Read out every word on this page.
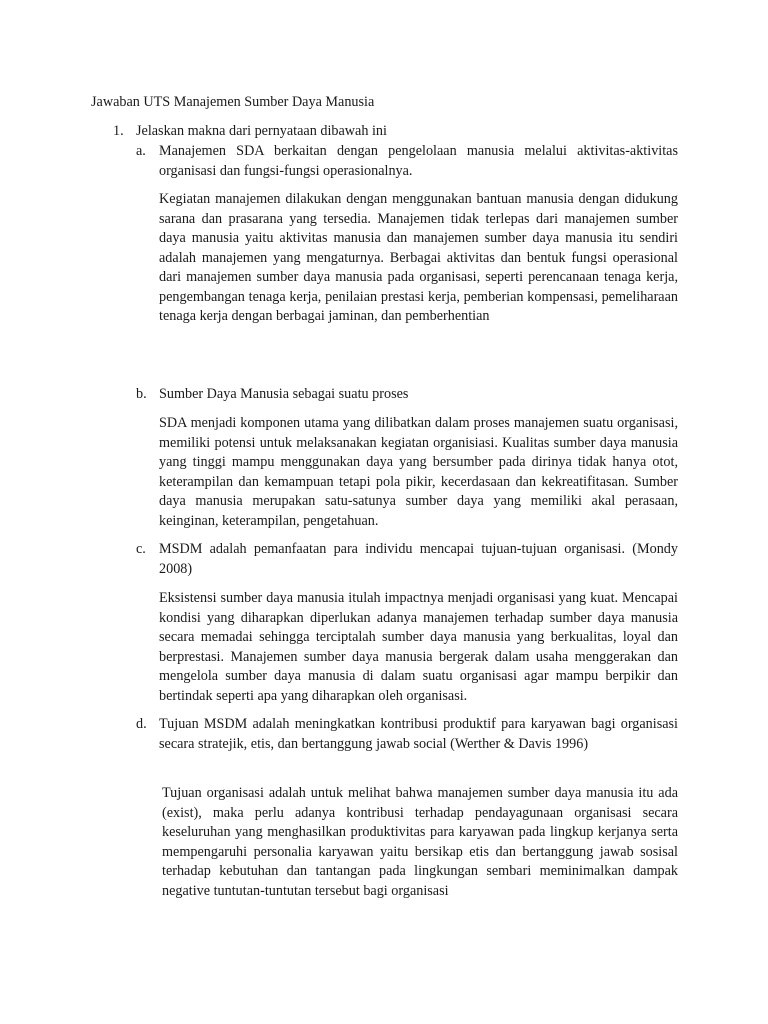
Jawaban UTS Manajemen Sumber Daya Manusia
1. Jelaskan makna dari pernyataan dibawah ini
a. Manajemen SDA berkaitan dengan pengelolaan manusia melalui aktivitas-aktivitas organisasi dan fungsi-fungsi operasionalnya.
Kegiatan manajemen dilakukan dengan menggunakan bantuan manusia dengan didukung sarana dan prasarana yang tersedia. Manajemen tidak terlepas dari manajemen sumber daya manusia yaitu aktivitas manusia dan manajemen sumber daya manusia itu sendiri adalah manajemen yang mengaturnya. Berbagai aktivitas dan bentuk fungsi operasional dari manajemen sumber daya manusia pada organisasi, seperti perencanaan tenaga kerja, pengembangan tenaga kerja, penilaian prestasi kerja, pemberian kompensasi, pemeliharaan tenaga kerja dengan berbagai jaminan, dan pemberhentian
b. Sumber Daya Manusia sebagai suatu proses
SDA menjadi komponen utama yang dilibatkan dalam proses manajemen suatu organisasi, memiliki potensi untuk melaksanakan kegiatan organisiasi. Kualitas sumber daya manusia yang tinggi mampu menggunakan daya yang bersumber pada dirinya tidak hanya otot, keterampilan dan kemampuan tetapi pola pikir, kecerdasaan dan kekreatifitasan. Sumber daya manusia merupakan satu-satunya sumber daya yang memiliki akal perasaan, keinginan, keterampilan, pengetahuan.
c. MSDM adalah pemanfaatan para individu mencapai tujuan-tujuan organisasi. (Mondy 2008)
Eksistensi sumber daya manusia itulah impactnya menjadi organisasi yang kuat. Mencapai kondisi yang diharapkan diperlukan adanya manajemen terhadap sumber daya manusia secara memadai sehingga terciptalah sumber daya manusia yang berkualitas, loyal dan berprestasi. Manajemen sumber daya manusia bergerak dalam usaha menggerakan dan mengelola sumber daya manusia di dalam suatu organisasi agar mampu berpikir dan bertindak seperti apa yang diharapkan oleh organisasi.
d. Tujuan MSDM adalah meningkatkan kontribusi produktif para karyawan bagi organisasi secara stratejik, etis, dan bertanggung jawab social (Werther & Davis 1996)
Tujuan organisasi adalah untuk melihat bahwa manajemen sumber daya manusia itu ada (exist), maka perlu adanya kontribusi terhadap pendayagunaan organisasi secara keseluruhan yang menghasilkan produktivitas para karyawan pada lingkup kerjanya serta mempengaruhi personalia karyawan yaitu bersikap etis dan bertanggung jawab sosisal terhadap kebutuhan dan tantangan pada lingkungan sembari meminimalkan dampak negative tuntutan-tuntutan tersebut bagi organisasi
